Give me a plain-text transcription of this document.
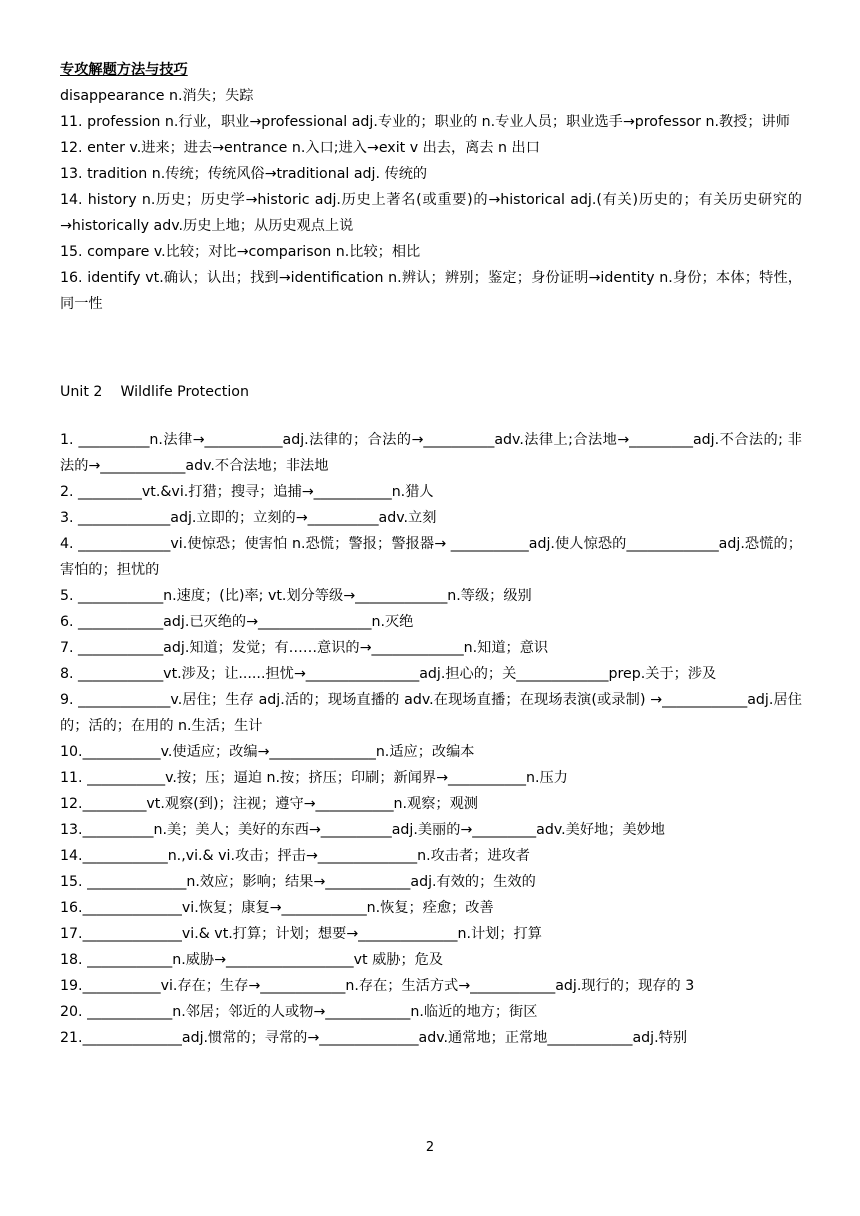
专攻解题方法与技巧
disappearance n.消失；失踪
11. profession n.行业，职业→professional adj.专业的；职业的 n.专业人员；职业选手→professor n.教授；讲师
12. enter v.进来；进去→entrance n.入口;进入→exit v 出去，离去 n 出口
13. tradition n.传统；传统风俗→traditional adj. 传统的
14. history n.历史；历史学→historic adj.历史上著名(或重要)的→historical adj.(有关)历史的；有关历史研究的→historically adv.历史上地；从历史观点上说
15. compare v.比较；对比→comparison n.比较；相比
16. identify vt.确认；认出；找到→identification n.辨认；辨别；鉴定；身份证明→identity n.身份；本体；特性，同一性
Unit 2    Wildlife Protection
1. __________n.法律→___________adj.法律的；合法的→__________adv.法律上;合法地→_________adj.不合法的; 非法的→____________adv.不合法地；非法地
2. _________vt.&vi.打猎；搜寻；追捕→___________n.猎人
3. _____________adj.立即的；立刻的→__________adv.立刻
4. _____________vi.使惊恐；使害怕 n.恐慌；警报；警报器→ ___________adj.使人惊恐的_____________adj.恐慌的；害怕的；担忧的
5. ____________n.速度；(比)率; vt.划分等级→_____________n.等级；级别
6. ____________adj.已灭绝的→________________n.灭绝
7. ____________adj.知道；发觉；有……意识的→_____________n.知道；意识
8. ____________vt.涉及；让......担忧→________________adj.担心的；关_____________prep.关于；涉及
9. _____________v.居住；生存 adj.活的；现场直播的 adv.在现场直播；在现场表演(或录制) →____________adj.居住的；活的；在用的 n.生活；生计
10.___________v.使适应；改编→_______________n.适应；改编本
11. ___________v.按；压；逼迫 n.按；挤压；印刷；新闻界→___________n.压力
12._________vt.观察(到)；注视；遵守→___________n.观察；观测
13.__________n.美；美人；美好的东西→__________adj.美丽的→_________adv.美好地；美妙地
14.____________n.,vi.& vi.攻击；抨击→______________n.攻击者；进攻者
15. ______________n.效应；影响；结果→____________adj.有效的；生效的
16.______________vi.恢复；康复→____________n.恢复；痊愈；改善
17.______________vi.& vt.打算；计划；想要→______________n.计划；打算
18. ____________n.威胁→__________________vt 威胁；危及
19.___________vi.存在；生存→____________n.存在；生活方式→____________adj.现行的；现存的 3
20. ____________n.邻居；邻近的人或物→____________n.临近的地方；街区
21.______________adj.惯常的；寻常的→______________adv.通常地；正常地____________adj.特别
2
